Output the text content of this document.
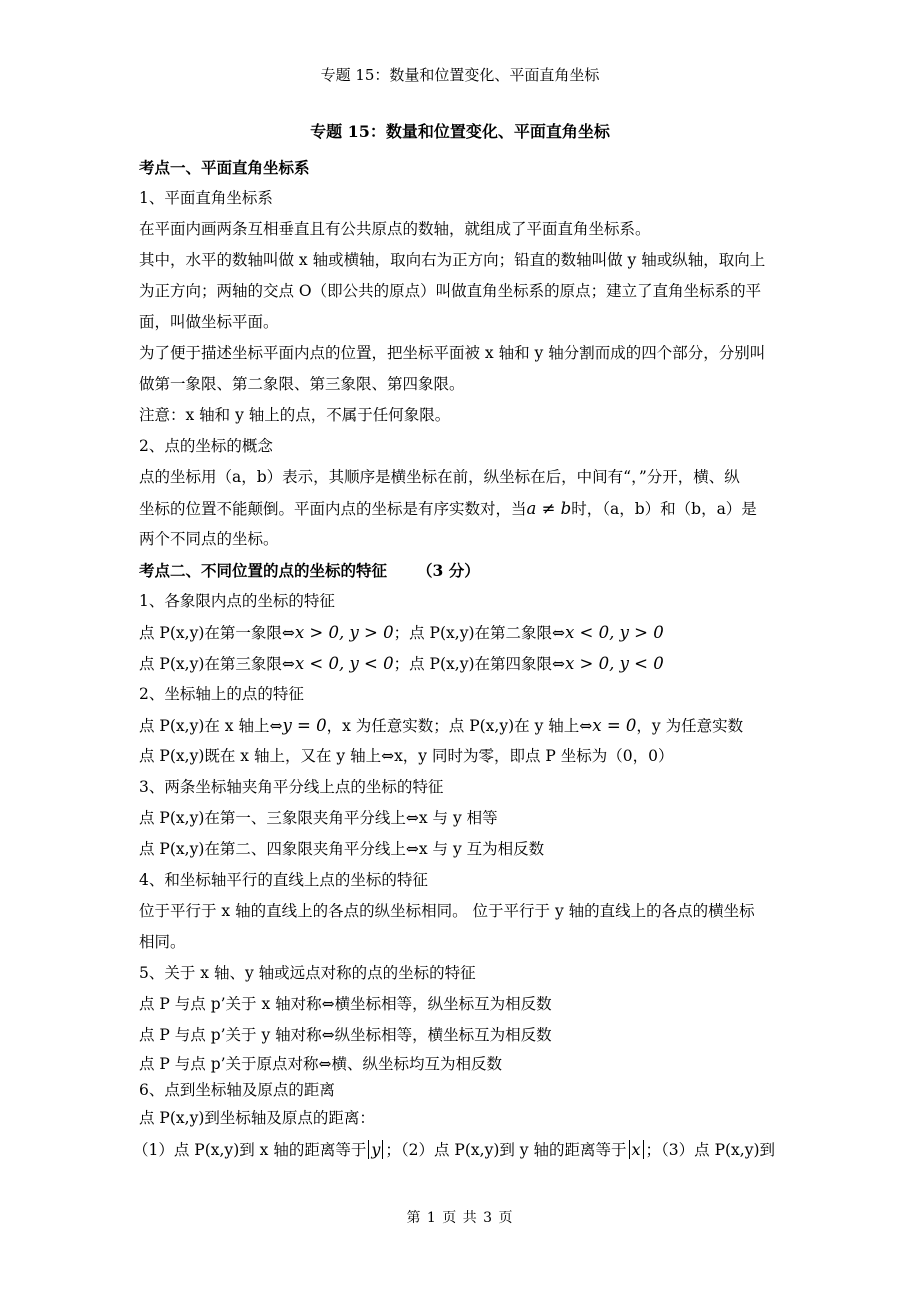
专题 15：数量和位置变化、平面直角坐标
专题 15：数量和位置变化、平面直角坐标
考点一、平面直角坐标系
1、平面直角坐标系
在平面内画两条互相垂直且有公共原点的数轴，就组成了平面直角坐标系。
其中，水平的数轴叫做 x 轴或横轴，取向右为正方向；铅直的数轴叫做 y 轴或纵轴，取向上
为正方向；两轴的交点 O（即公共的原点）叫做直角坐标系的原点；建立了直角坐标系的平
面，叫做坐标平面。
为了便于描述坐标平面内点的位置，把坐标平面被 x 轴和 y 轴分割而成的四个部分，分别叫
做第一象限、第二象限、第三象限、第四象限。
注意：x 轴和 y 轴上的点，不属于任何象限。
2、点的坐标的概念
点的坐标用（a，b）表示，其顺序是横坐标在前，纵坐标在后，中间有“，”分开，横、纵
坐标的位置不能颠倒。平面内点的坐标是有序实数对，当a ≠ b时，（a，b）和（b，a）是
两个不同点的坐标。
考点二、不同位置的点的坐标的特征 （3 分）
1、各象限内点的坐标的特征
点 P(x,y)在第一象限⇔x > 0, y > 0；点 P(x,y)在第二象限⇔x < 0, y > 0
点 P(x,y)在第三象限⇔x < 0, y < 0；点 P(x,y)在第四象限⇔x > 0, y < 0
2、坐标轴上的点的特征
点 P(x,y)在 x 轴上⇔y = 0，x 为任意实数；点 P(x,y)在 y 轴上⇔x = 0，y 为任意实数
点 P(x,y)既在 x 轴上，又在 y 轴上⇔x，y 同时为零，即点 P 坐标为（0，0）
3、两条坐标轴夹角平分线上点的坐标的特征
点 P(x,y)在第一、三象限夹角平分线上⇔x 与 y 相等
点 P(x,y)在第二、四象限夹角平分线上⇔x 与 y 互为相反数
4、和坐标轴平行的直线上点的坐标的特征
位于平行于 x 轴的直线上的各点的纵坐标相同。 位于平行于 y 轴的直线上的各点的横坐标
相同。
5、关于 x 轴、y 轴或远点对称的点的坐标的特征
点 P 与点 p’关于 x 轴对称⇔横坐标相等，纵坐标互为相反数
点 P 与点 p’关于 y 轴对称⇔纵坐标相等，横坐标互为相反数
点 P 与点 p’关于原点对称⇔横、纵坐标均互为相反数
6、点到坐标轴及原点的距离
点 P(x,y)到坐标轴及原点的距离：
（1）点 P(x,y)到 x 轴的距离等于 y ；（2）点 P(x,y)到 y 轴的距离等于 x ；（3）点 P(x,y)到
第 1 页 共 3 页
